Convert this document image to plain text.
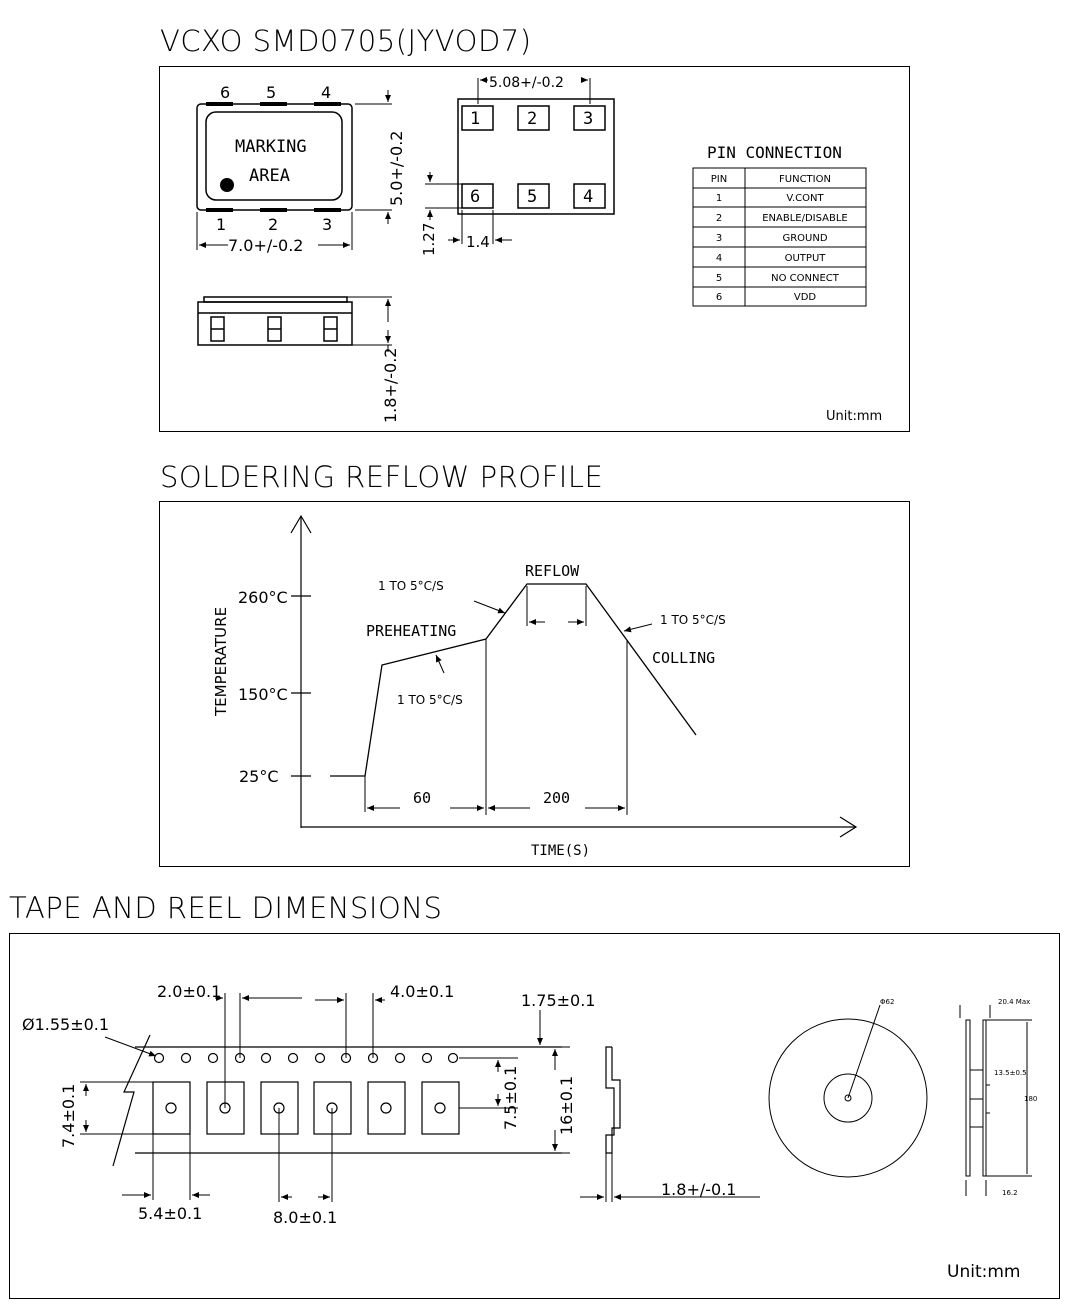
VCXO SMD0705(JYVOD7)
SOLDERING REFLOW PROFILE
TAPE AND REEL DIMENSIONS
6 5	4
1	2	3
MARKING
AREA
7.0+/-0.2
5.0+/-0.2
1.8+/-0.2
1	2	3
6	5	4
5.08+/-0.2
1.27 1.4
PIN CONNECTION
PIN	FUNCTION
1	V.CONT
2	ENABLE/DISABLE
3	GROUND
4	OUTPUT
5	NO CONNECT
6	VDD
Unit:mm
TEMPERATURE
TIME(S)
260°C
150°C
25°C
REFLOW
PREHEATING
COLLING
1 TO 5°C/S
1 TO 5°C/S
1 TO 5°C/S
60	200
2.0±0.1	4.0±0.1
Ø1.55±0.1
1.75±0.1
7.4±0.1	7.5±0.1 16±0.1
5.4±0.1	8.0±0.1
1.8+/-0.1
Φ62	20.4 Max
13.5±0.5
180
16.2
Unit:mm
